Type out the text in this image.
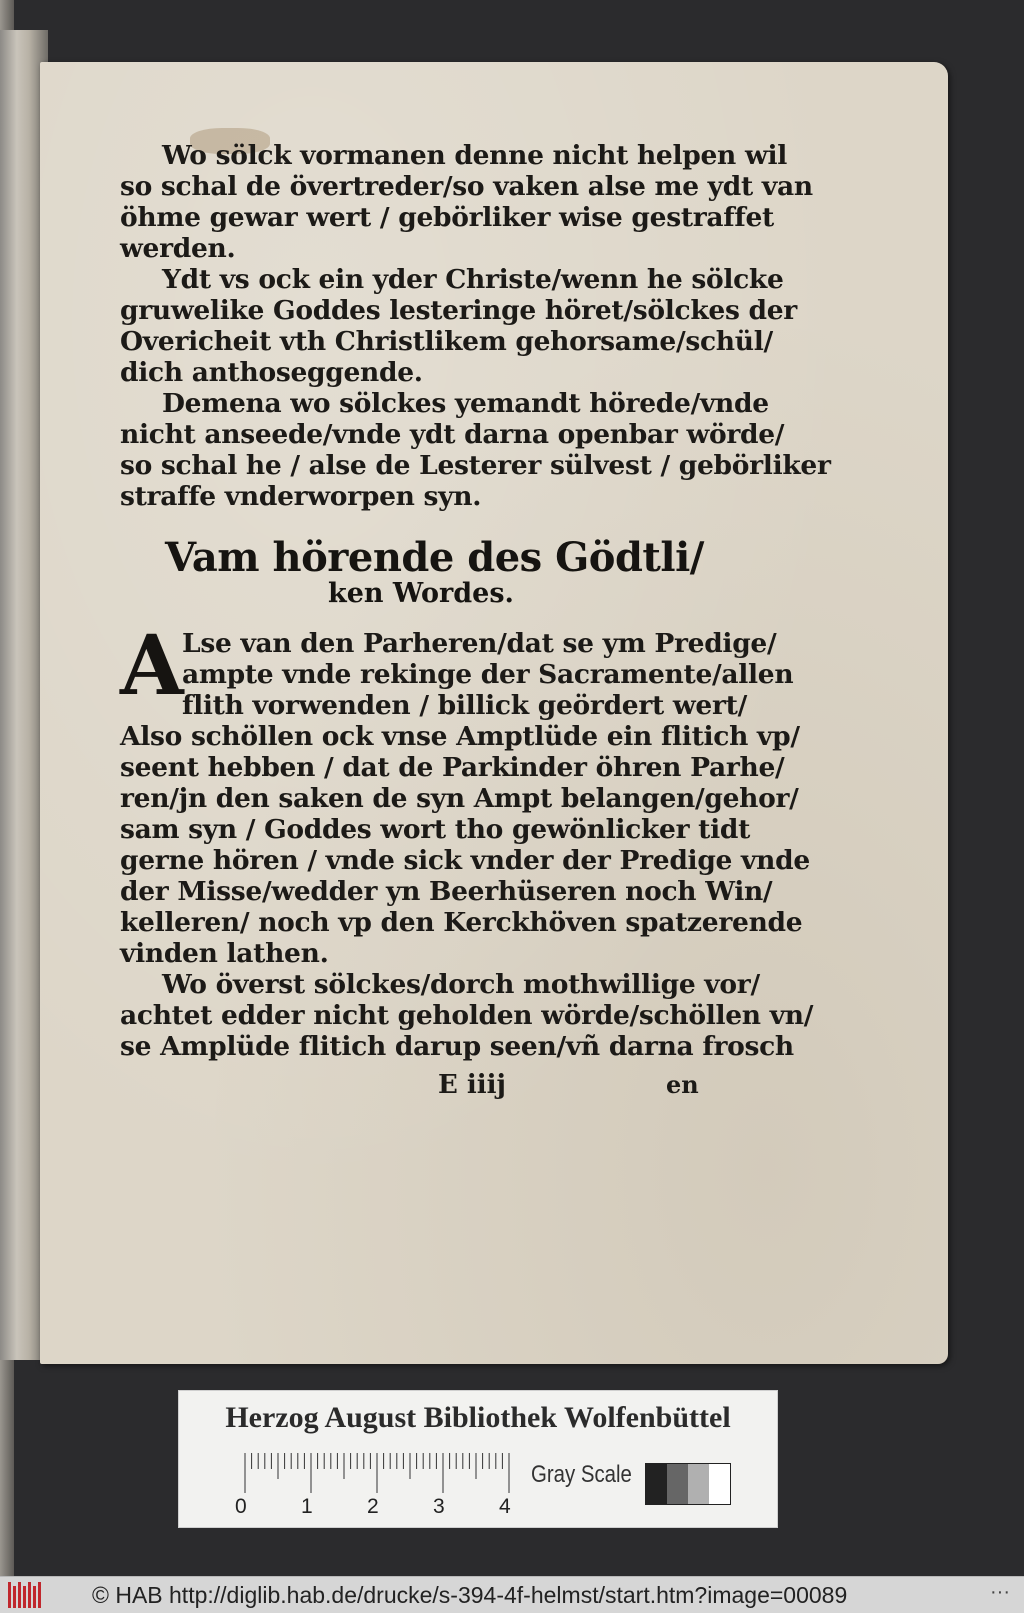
Wo sölck vormanen denne nicht helpen wil
so schal de övertreder/so vaken alse me ydt van
öhme gewar wert / gebörliker wise gestraffet
werden.
Ydt vs ock ein yder Christe/wenn he sölcke
gruwelike Goddes lesteringe höret/sölckes der
Overicheit vth Christlikem gehorsame/schül/
dich anthoseggende.
Demena wo sölckes yemandt hörede/vnde
nicht anseede/vnde ydt darna openbar wörde/
so schal he / alse de Lesterer sülvest / gebörliker
straffe vnderworpen syn.
Vam hörende des Gödtli/
ken Wordes.
A
Lse van den Parheren/dat se ym Predige/
ampte vnde rekinge der Sacramente/allen
flith vorwenden / billick geördert wert/
Also schöllen ock vnse Amptlüde ein flitich vp/
seent hebben / dat de Parkinder öhren Parhe/
ren/jn den saken de syn Ampt belangen/gehor/
sam syn / Goddes wort tho gewönlicker tidt
gerne hören / vnde sick vnder der Predige vnde
der Misse/wedder yn Beerhüseren noch Win/
kelleren/ noch vp den Kerckhöven spatzerende
vinden lathen.
Wo överst sölckes/dorch mothwillige vor/
achtet edder nicht geholden wörde/schöllen vn/
se Amplüde flitich darup seen/vñ darna frosch
E iiij	en
Herzog August Bibliothek Wolfenbüttel
0	1	2	3	4
Gray Scale
© HAB http://diglib.hab.de/drucke/s-394-4f-helmst/start.htm?image=00089	···
